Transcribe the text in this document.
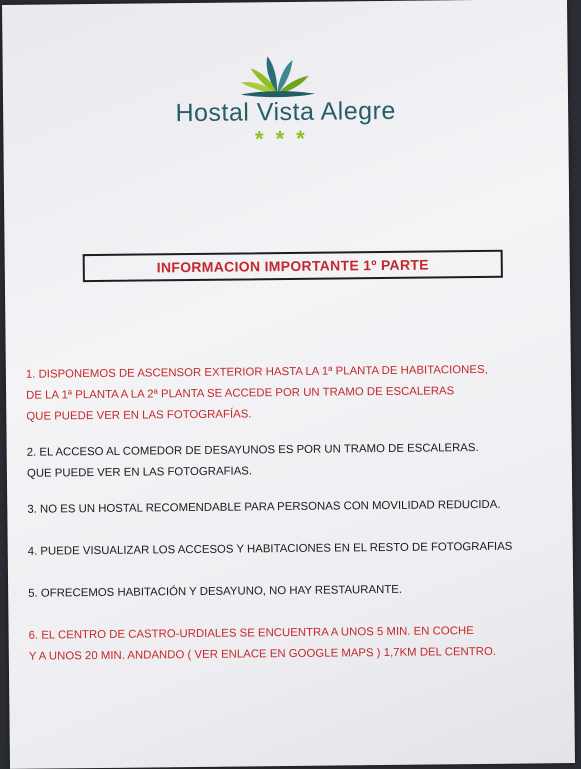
Hostal Vista Alegre
***
INFORMACION IMPORTANTE 1º PARTE

1. DISPONEMOS DE ASCENSOR EXTERIOR HASTA LA 1ª PLANTA DE HABITACIONES,
DE LA 1ª PLANTA A LA 2ª PLANTA SE ACCEDE POR UN TRAMO DE ESCALERAS
QUE PUEDE VER EN LAS FOTOGRAFÍAS.

2. EL ACCESO AL COMEDOR DE DESAYUNOS ES POR UN TRAMO DE ESCALERAS.
QUE PUEDE VER EN LAS FOTOGRAFIAS.

3. NO ES UN HOSTAL RECOMENDABLE PARA PERSONAS CON MOVILIDAD REDUCIDA.

4. PUEDE VISUALIZAR LOS ACCESOS Y HABITACIONES EN EL RESTO DE FOTOGRAFIAS

5. OFRECEMOS HABITACIÓN Y DESAYUNO, NO HAY RESTAURANTE.

6. EL CENTRO DE CASTRO-URDIALES SE ENCUENTRA A UNOS 5 MIN. EN COCHE
Y A UNOS 20 MIN. ANDANDO ( VER ENLACE EN GOOGLE MAPS ) 1,7KM DEL CENTRO.
